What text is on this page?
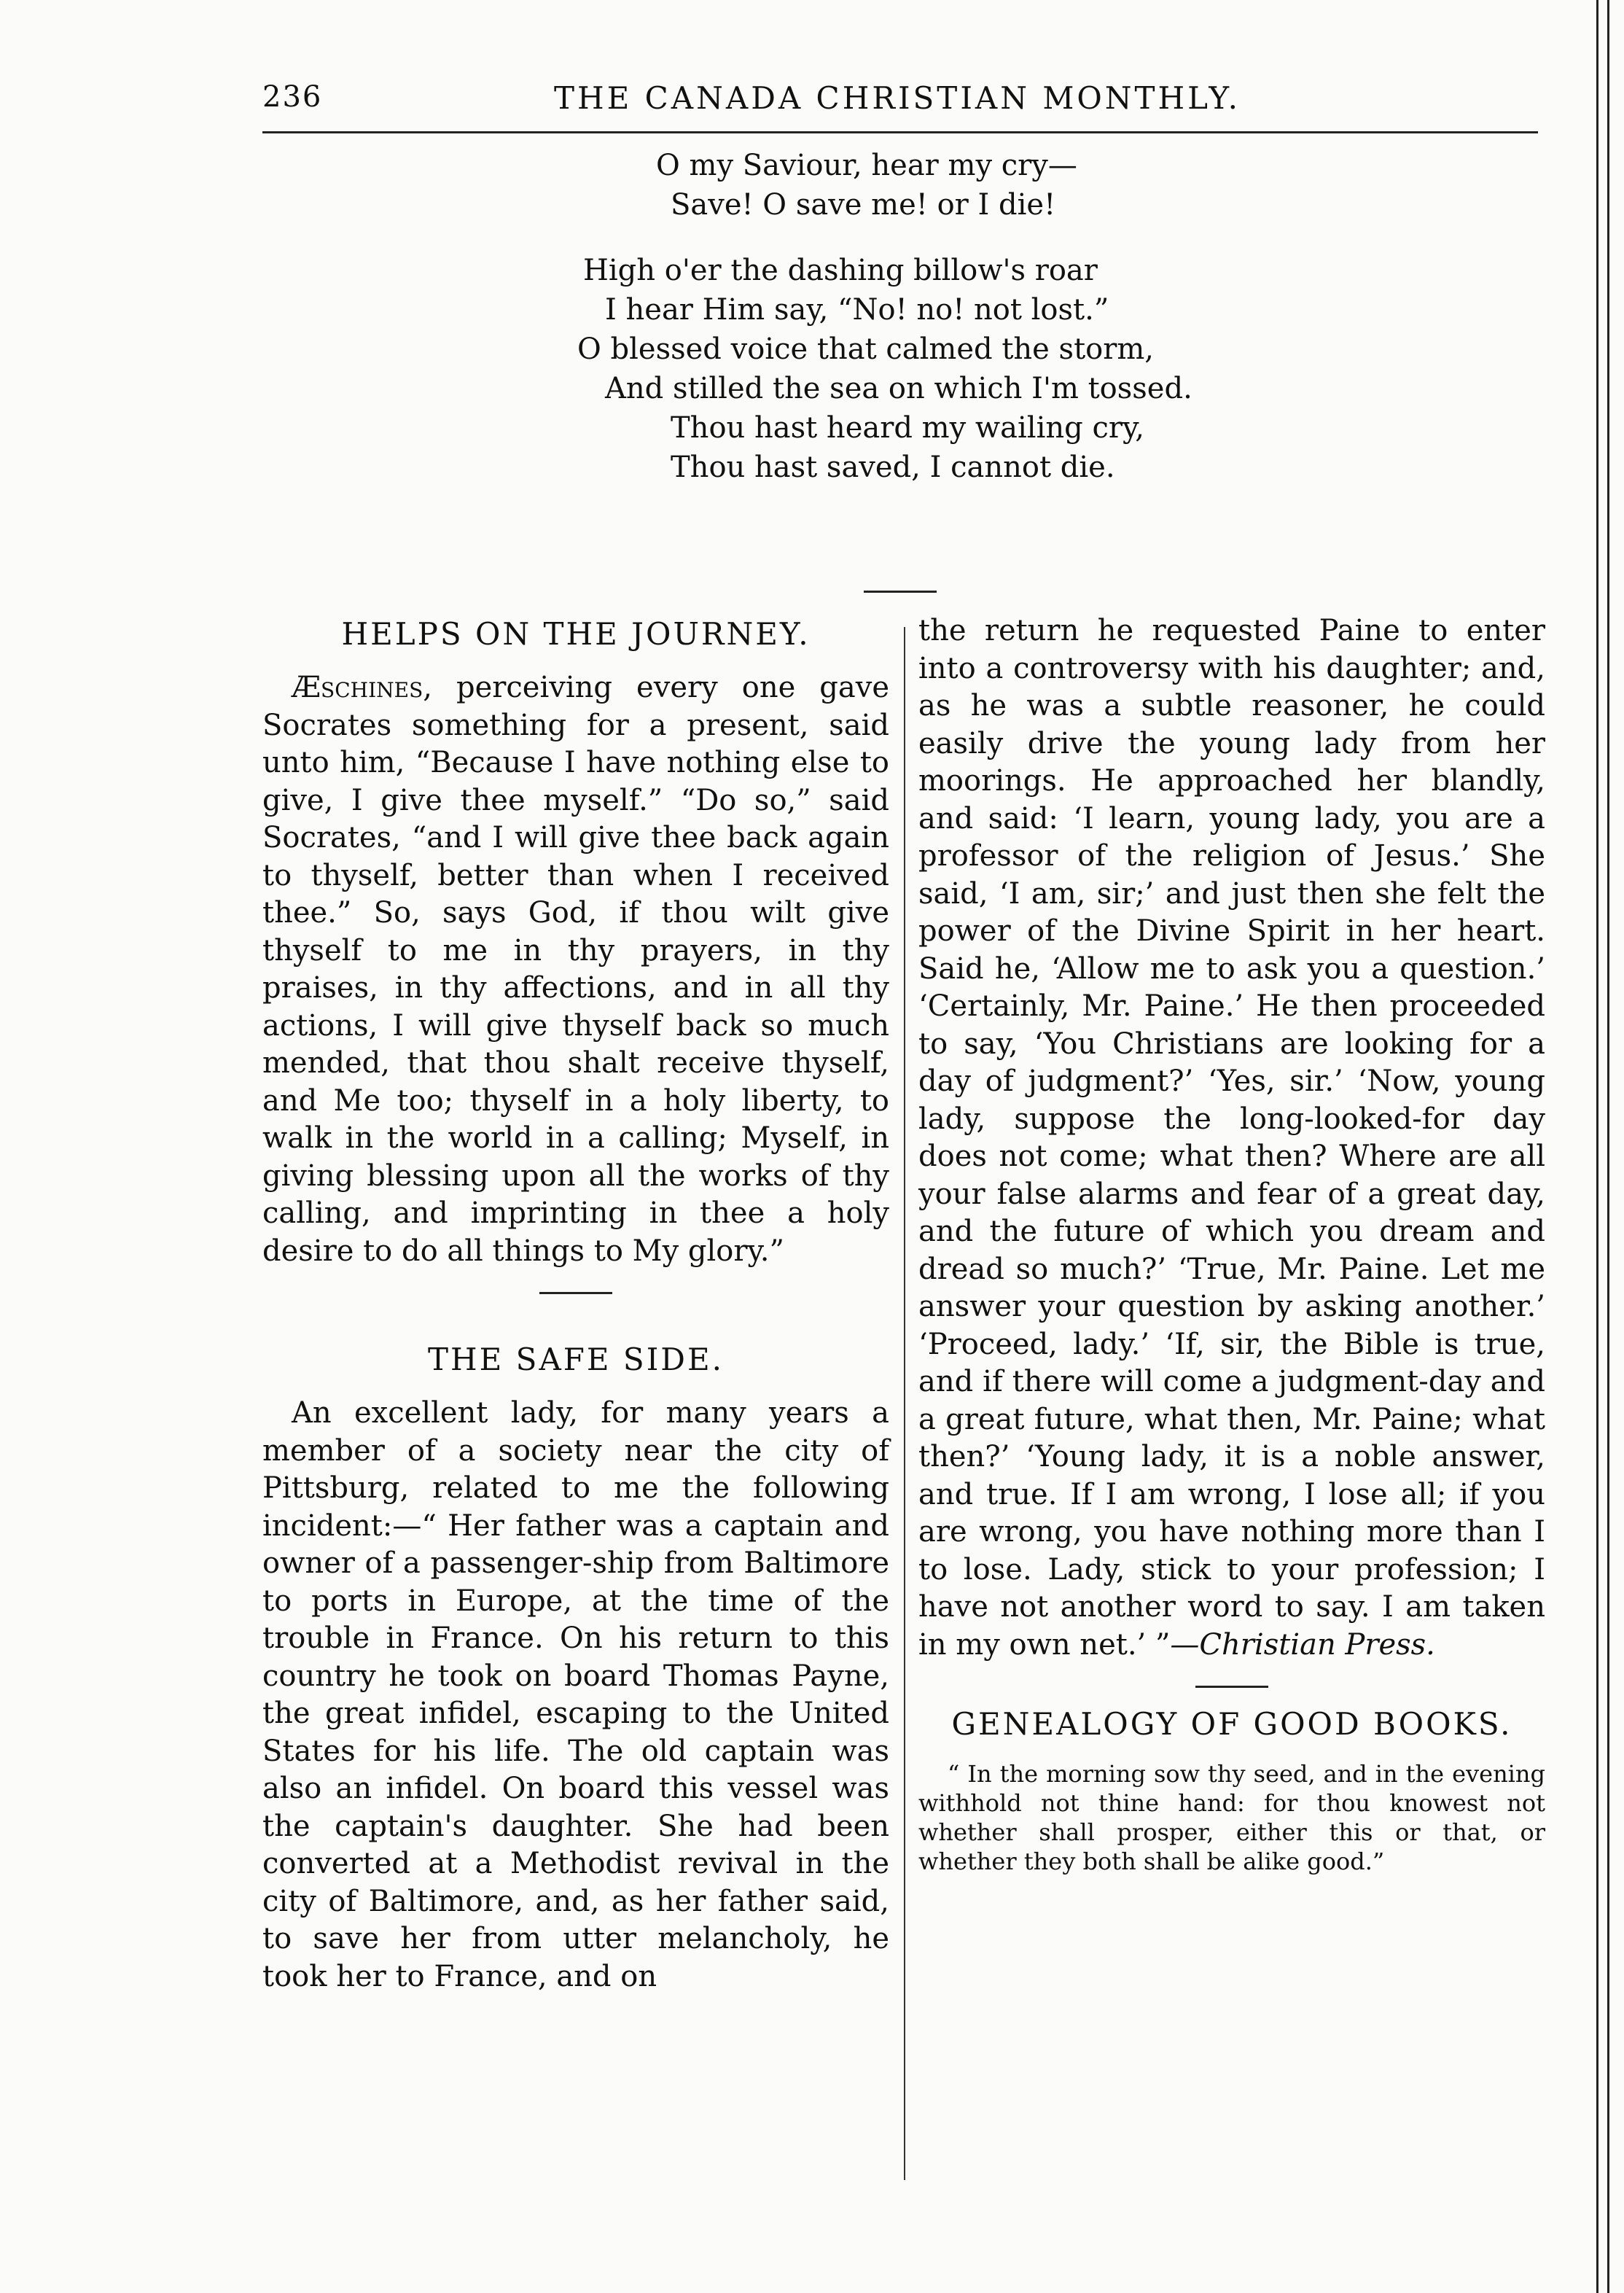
236	THE CANADA CHRISTIAN MONTHLY.
O my Saviour, hear my cry—
Save! O save me! or I die!
High o'er the dashing billow's roar
I hear Him say, “No! no! not lost.”
O blessed voice that calmed the storm,
And stilled the sea on which I'm tossed.
Thou hast heard my wailing cry,
Thou hast saved, I cannot die.
HELPS ON THE JOURNEY.

Æschines, perceiving every one gave Socrates something for a present, said unto him, “Because I have nothing else to give, I give thee myself.” “Do so,” said Socrates, “and I will give thee back again to thyself, better than when I received thee.” So, says God, if thou wilt give thyself to me in thy prayers, in thy praises, in thy affections, and in all thy actions, I will give thyself back so much mended, that thou shalt receive thyself, and Me too; thyself in a holy liberty, to walk in the world in a calling; Myself, in giving blessing upon all the works of thy calling, and imprinting in thee a holy desire to do all things to My glory.”

THE SAFE SIDE.

An excellent lady, for many years a member of a society near the city of Pittsburg, related to me the following incident:—“ Her father was a captain and owner of a passenger-ship from Baltimore to ports in Europe, at the time of the trouble in France. On his return to this country he took on board Thomas Payne, the great infidel, escaping to the United States for his life. The old captain was also an infidel. On board this vessel was the captain's daughter. She had been converted at a Methodist revival in the city of Baltimore, and, as her father said, to save her from utter melancholy, he took her to France, and on

the return he requested Paine to enter into a controversy with his daughter; and, as he was a subtle reasoner, he could easily drive the young lady from her moorings. He approached her blandly, and said: ‘I learn, young lady, you are a professor of the religion of Jesus.’ She said, ‘I am, sir;’ and just then she felt the power of the Divine Spirit in her heart. Said he, ‘Allow me to ask you a question.’ ‘Certainly, Mr. Paine.’ He then proceeded to say, ‘You Christians are looking for a day of judgment?’ ‘Yes, sir.’ ‘Now, young lady, suppose the long-looked-for day does not come; what then? Where are all your false alarms and fear of a great day, and the future of which you dream and dread so much?’ ‘True, Mr. Paine. Let me answer your question by asking another.’ ‘Proceed, lady.’ ‘If, sir, the Bible is true, and if there will come a judgment-day and a great future, what then, Mr. Paine; what then?’ ‘Young lady, it is a noble answer, and true. If I am wrong, I lose all; if you are wrong, you have nothing more than I to lose. Lady, stick to your profession; I have not another word to say. I am taken in my own net.’ ”—Christian Press.

GENEALOGY OF GOOD BOOKS.

“ In the morning sow thy seed, and in the evening withhold not thine hand: for thou knowest not whether shall prosper, either this or that, or whether they both shall be alike good.”
